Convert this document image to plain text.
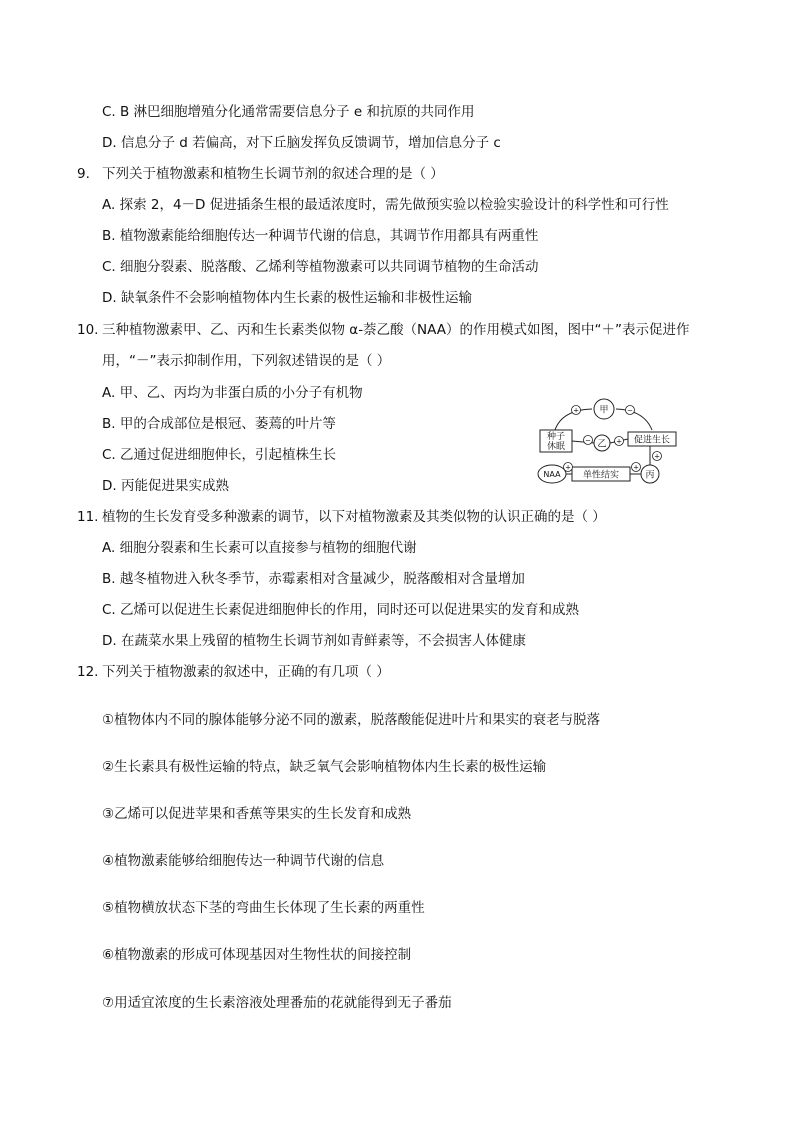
C. B 淋巴细胞增殖分化通常需要信息分子 e 和抗原的共同作用
D. 信息分子 d 若偏高，对下丘脑发挥负反馈调节，增加信息分子 c
9. 下列关于植物激素和植物生长调节剂的叙述合理的是（ ）
A. 探索 2，4－D 促进插条生根的最适浓度时，需先做预实验以检验实验设计的科学性和可行性
B. 植物激素能给细胞传达一种调节代谢的信息，其调节作用都具有两重性
C. 细胞分裂素、脱落酸、乙烯利等植物激素可以共同调节植物的生命活动
D. 缺氧条件不会影响植物体内生长素的极性运输和非极性运输
10. 三种植物激素甲、乙、丙和生长素类似物 α-萘乙酸（NAA）的作用模式如图，图中“＋”表示促进作
用，“－”表示抑制作用，下列叙述错误的是（ ）
A. 甲、乙、丙均为非蛋白质的小分子有机物
B. 甲的合成部位是根冠、萎蔫的叶片等
C. 乙通过促进细胞伸长，引起植株生长
D. 丙能促进果实成熟
+	−
−	+
+	+
+
甲
乙
丙
种子
休眠
促进生长
单性结实
NAA
11. 植物的生长发育受多种激素的调节，以下对植物激素及其类似物的认识正确的是（ ）
A. 细胞分裂素和生长素可以直接参与植物的细胞代谢
B. 越冬植物进入秋冬季节，赤霉素相对含量减少，脱落酸相对含量增加
C. 乙烯可以促进生长素促进细胞伸长的作用，同时还可以促进果实的发育和成熟
D. 在蔬菜水果上残留的植物生长调节剂如青鲜素等，不会损害人体健康
12. 下列关于植物激素的叙述中，正确的有几项（ ）
①植物体内不同的腺体能够分泌不同的激素，脱落酸能促进叶片和果实的衰老与脱落
②生长素具有极性运输的特点，缺乏氧气会影响植物体内生长素的极性运输
③乙烯可以促进苹果和香蕉等果实的生长发育和成熟
④植物激素能够给细胞传达一种调节代谢的信息
⑤植物横放状态下茎的弯曲生长体现了生长素的两重性
⑥植物激素的形成可体现基因对生物性状的间接控制
⑦用适宜浓度的生长素溶液处理番茄的花就能得到无子番茄
